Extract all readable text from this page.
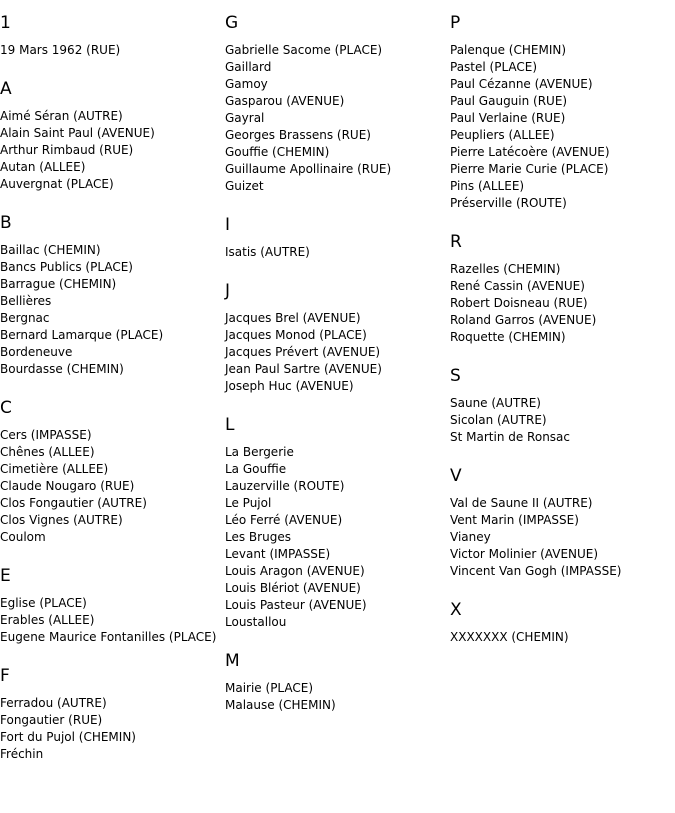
1
19 Mars 1962 (RUE)
A
Aimé Séran (AUTRE)
Alain Saint Paul (AVENUE)
Arthur Rimbaud (RUE)
Autan (ALLEE)
Auvergnat (PLACE)
B
Baillac (CHEMIN)
Bancs Publics (PLACE)
Barrague (CHEMIN)
Bellières
Bergnac
Bernard Lamarque (PLACE)
Bordeneuve
Bourdasse (CHEMIN)
C
Cers (IMPASSE)
Chênes (ALLEE)
Cimetière (ALLEE)
Claude Nougaro (RUE)
Clos Fongautier (AUTRE)
Clos Vignes (AUTRE)
Coulom
E
Eglise (PLACE)
Erables (ALLEE)
Eugene Maurice Fontanilles (PLACE)
F
Ferradou (AUTRE)
Fongautier (RUE)
Fort du Pujol (CHEMIN)
Fréchin
G
Gabrielle Sacome (PLACE)
Gaillard
Gamoy
Gasparou (AVENUE)
Gayral
Georges Brassens (RUE)
Gouffie (CHEMIN)
Guillaume Apollinaire (RUE)
Guizet
I
Isatis (AUTRE)
J
Jacques Brel (AVENUE)
Jacques Monod (PLACE)
Jacques Prévert (AVENUE)
Jean Paul Sartre (AVENUE)
Joseph Huc (AVENUE)
L
La Bergerie
La Gouffie
Lauzerville (ROUTE)
Le Pujol
Léo Ferré (AVENUE)
Les Bruges
Levant (IMPASSE)
Louis Aragon (AVENUE)
Louis Blériot (AVENUE)
Louis Pasteur (AVENUE)
Loustallou
M
Mairie (PLACE)
Malause (CHEMIN)
P
Palenque (CHEMIN)
Pastel (PLACE)
Paul Cézanne (AVENUE)
Paul Gauguin (RUE)
Paul Verlaine (RUE)
Peupliers (ALLEE)
Pierre Latécoère (AVENUE)
Pierre Marie Curie (PLACE)
Pins (ALLEE)
Préserville (ROUTE)
R
Razelles (CHEMIN)
René Cassin (AVENUE)
Robert Doisneau (RUE)
Roland Garros (AVENUE)
Roquette (CHEMIN)
S
Saune (AUTRE)
Sicolan (AUTRE)
St Martin de Ronsac
V
Val de Saune II (AUTRE)
Vent Marin (IMPASSE)
Vianey
Victor Molinier (AVENUE)
Vincent Van Gogh (IMPASSE)
X
XXXXXXX (CHEMIN)
